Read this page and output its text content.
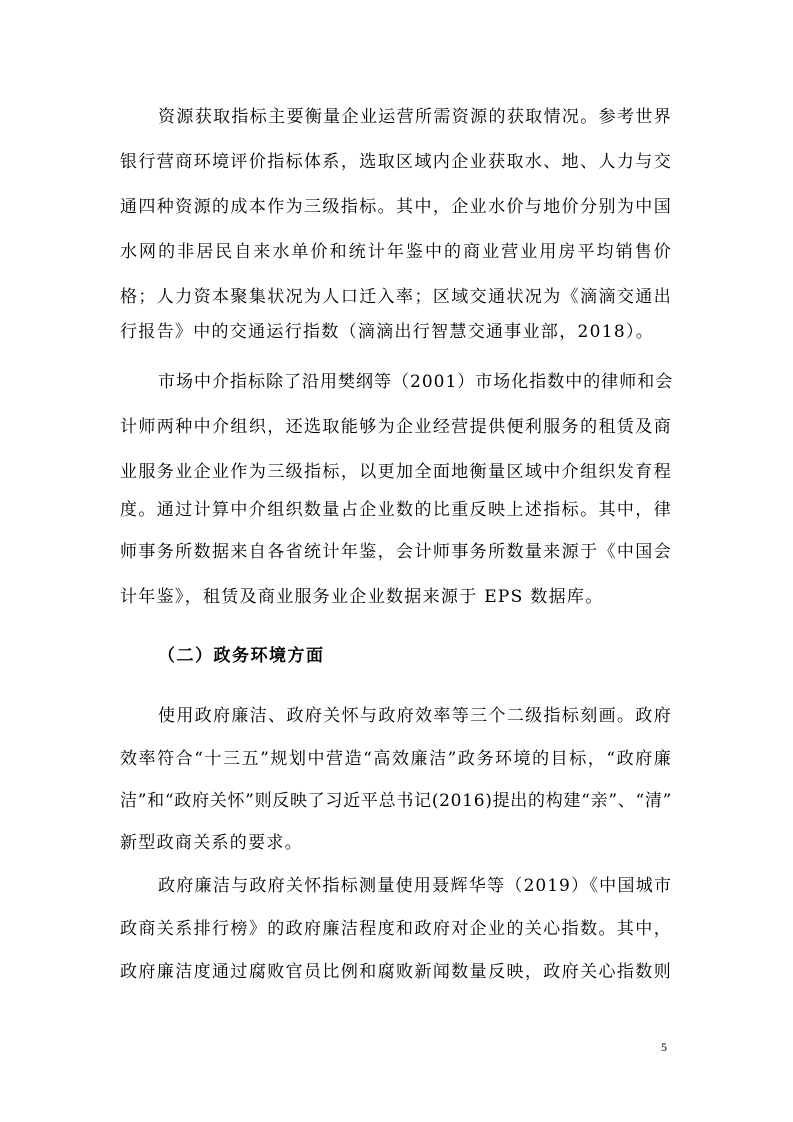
资源获取指标主要衡量企业运营所需资源的获取情况。参考世界
银行营商环境评价指标体系，选取区域内企业获取水、地、人力与交
通四种资源的成本作为三级指标。其中，企业水价与地价分别为中国
水网的非居民自来水单价和统计年鉴中的商业营业用房平均销售价
格；人力资本聚集状况为人口迁入率；区域交通状况为《滴滴交通出
行报告》中的交通运行指数（滴滴出行智慧交通事业部，2018）。
市场中介指标除了沿用樊纲等（2001）市场化指数中的律师和会
计师两种中介组织，还选取能够为企业经营提供便利服务的租赁及商
业服务业企业作为三级指标，以更加全面地衡量区域中介组织发育程
度。通过计算中介组织数量占企业数的比重反映上述指标。其中，律
师事务所数据来自各省统计年鉴，会计师事务所数量来源于《中国会
计年鉴》，租赁及商业服务业企业数据来源于 EPS 数据库。
（二）政务环境方面
使用政府廉洁、政府关怀与政府效率等三个二级指标刻画。政府
效率符合“十三五”规划中营造“高效廉洁”政务环境的目标，“政府廉
洁”和“政府关怀”则反映了习近平总书记(2016)提出的构建“亲”、“清”
新型政商关系的要求。
政府廉洁与政府关怀指标测量使用聂辉华等（2019）《中国城市
政商关系排行榜》的政府廉洁程度和政府对企业的关心指数。其中，
政府廉洁度通过腐败官员比例和腐败新闻数量反映，政府关心指数则
5
